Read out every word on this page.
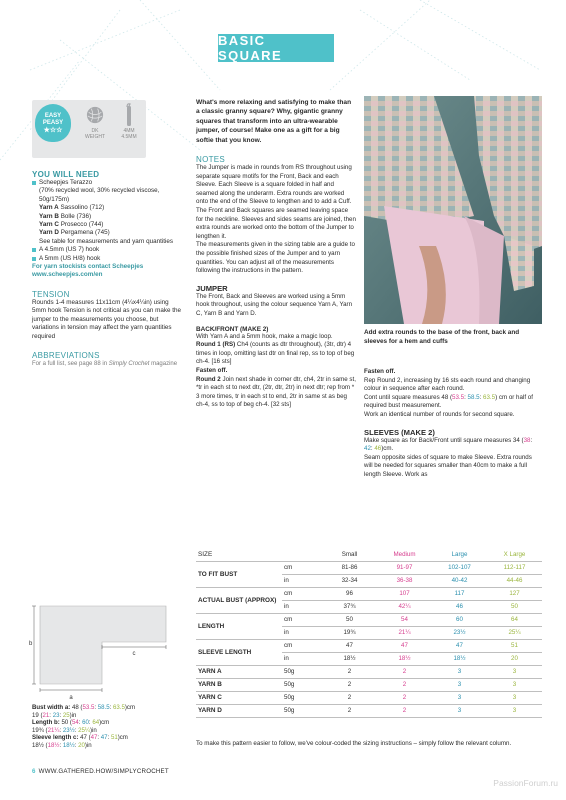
BASIC SQUARE
EASY
PEASY
★☆☆	DK
WEIGHT
4MM
4.5MM
YOU WILL NEED
Scheepjes Terazzo
(70% recycled wool, 30% recycled viscose, 50g/175m)
Yarn A Sassolino (712)
Yarn B Bolle (736)
Yarn C Prosecco (744)
Yarn D Pergamena (745)
See table for measurements and yarn quantities
A 4.5mm (US 7) hook
A 5mm (US H/8) hook
For yarn stockists contact Scheepjes
www.scheepjes.com/en
TENSION
Rounds 1-4 measures 11x11cm (4¼x4¼in) using 5mm hook Tension is not critical as you can make the jumper to the measurements you choose, but variations in tension may affect the yarn quantities required
ABBREVIATIONS
For a full list, see page 88 in Simply Crochet magazine
What's more relaxing and satisfying to make than a classic granny square? Why, gigantic granny squares that transform into an ultra-wearable jumper, of course! Make one as a gift for a big softie that you know.
NOTES
The Jumper is made in rounds from RS throughout using separate square motifs for the Front, Back and each Sleeve. Each Sleeve is a square folded in half and seamed along the underarm. Extra rounds are worked onto the end of the Sleeve to lengthen and to add a Cuff. The Front and Back squares are seamed leaving space for the neckline. Sleeves and sides seams are joined, then extra rounds are worked onto the bottom of the Jumper to lengthen it.
The measurements given in the sizing table are a guide to the possible finished sizes of the Jumper and to yarn quantities. You can adjust all of the measurements following the instructions in the pattern.
JUMPER
The Front, Back and Sleeves are worked using a 5mm hook throughout, using the colour sequence Yarn A, Yarn C, Yarn B and Yarn D.
BACK/FRONT (MAKE 2)
With Yarn A and a 5mm hook, make a magic loop.
Round 1 (RS) Ch4 (counts as dtr throughout), (3tr, dtr) 4 times in loop, omitting last dtr on final rep, ss to top of beg ch-4. [16 sts]
Fasten off.
Round 2 Join next shade in corner dtr, ch4, 2tr in same st, *tr in each st to next dtr, (2tr, dtr, 2tr) in next dtr; rep from * 3 more times, tr in each st to end, 2tr in same st as beg ch-4, ss to top of beg ch-4. [32 sts]
Add extra rounds to the base of the front, back and sleeves for a hem and cuffs
Fasten off.
Rep Round 2, increasing by 16 sts each round and changing colour in sequence after each round.
Cont until square measures 48 (53.5: 58.5: 63.5) cm or half of required bust measurement.
Work an identical number of rounds for second square.
SLEEVES (MAKE 2)
Make square as for Back/Front until square measures 34 (38: 42: 46)cm.
Seam opposite sides of square to make Sleeve. Extra rounds will be needed for squares smaller than 40cm to make a full length Sleeve. Work as
a
b
c
Bust width a: 48 (53.5: 58.5: 63.5)cm
19 (21: 23: 25)in
Length b: 50 (54: 60: 64)cm
19¾ (21¼: 23½: 25¼)in
Sleeve length c: 47 (47: 47: 51)cm
18½ (18½: 18½: 20)in
SIZE		Small	Medium	Large	X Large
TO FIT BUST	cm	81-86	91-97	102-107	112-117
	in	32-34	36-38	40-42	44-46
ACTUAL BUST (APPROX)	cm	96	107	117	127
	in	37¾	42¼	46	50
LENGTH	cm	50	54	60	64
	in	19¾	21¼	23½	25¼
SLEEVE LENGTH	cm	47	47	47	51
	in	18½	18½	18½	20
YARN A	50g	2	2	3	3
YARN B	50g	2	2	3	3
YARN C	50g	2	2	3	3
YARN D	50g	2	2	3	3
To make this pattern easier to follow, we've colour-coded the sizing instructions – simply follow the relevant column.
6 WWW.GATHERED.HOW/SIMPLYCROCHET
PassionForum.ru
